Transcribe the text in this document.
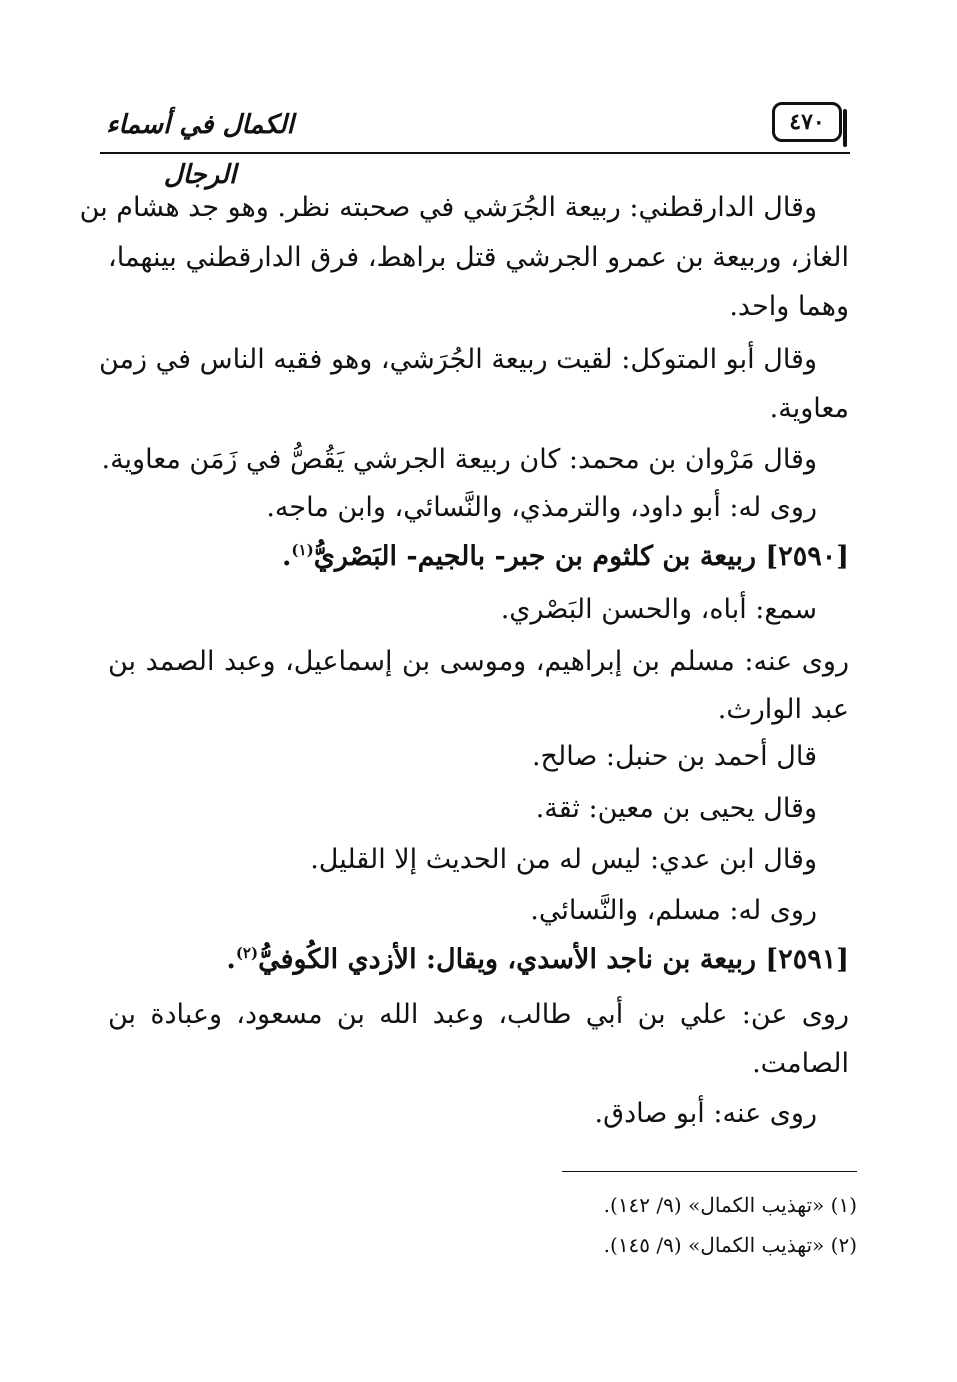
الكمال في أسماء الرجال
٤٧٠
وقال الدارقطني: ربيعة الجُرَشي في صحبته نظر. وهو جد هشام بن
الغاز، وربيعة بن عمرو الجرشي قتل براهط، فرق الدارقطني بينهما،
وهما واحد.
وقال أبو المتوكل: لقيت ربيعة الجُرَشي، وهو فقيه الناس في زمن
معاوية.
وقال مَرْوان بن محمد: كان ربيعة الجرشي يَقُصُّ في زَمَن معاوية.
روى له: أبو داود، والترمذي، والنَّسائي، وابن ماجه.
[٢٥٩٠] ربيعة بن كلثوم بن جبر- بالجيم- البَصْريُّ$^{(١)}$.
سمع: أباه، والحسن البَصْري.
روى عنه: مسلم بن إبراهيم، وموسى بن إسماعيل، وعبد الصمد بن
عبد الوارث.
قال أحمد بن حنبل: صالح.
وقال يحيى بن معين: ثقة.
وقال ابن عدي: ليس له من الحديث إلا القليل.
روى له: مسلم، والنَّسائي.
[٢٥٩١] ربيعة بن ناجد الأسدي، ويقال: الأزدي الكُوفيُّ$^{(٢)}$.
روى عن: علي بن أبي طالب، وعبد الله بن مسعود، وعبادة بن
الصامت.
روى عنه: أبو صادق.
(١) «تهذيب الكمال» (٩/ ١٤٢).
(٢) «تهذيب الكمال» (٩/ ١٤٥).
